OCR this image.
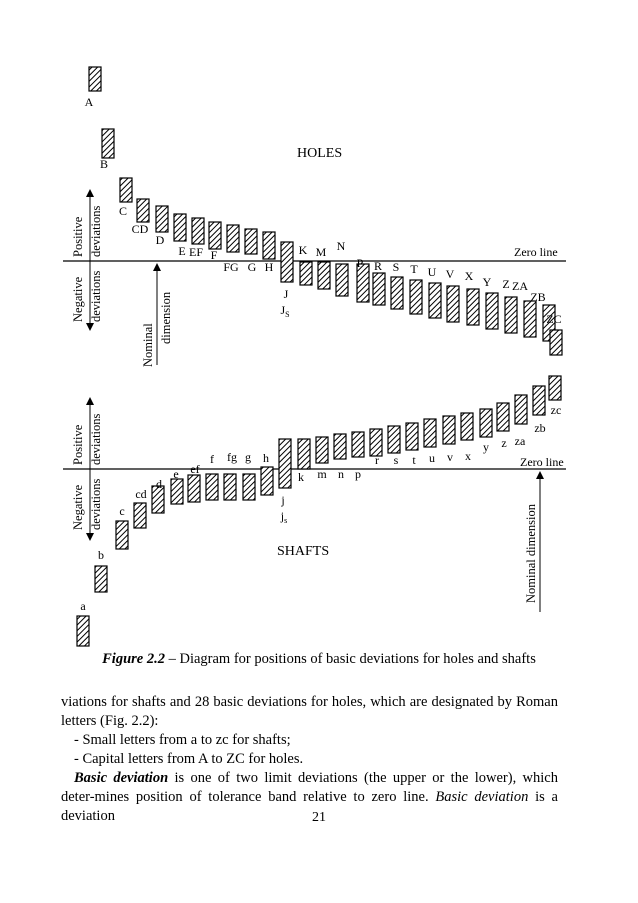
HOLES
Zero line
Positive deviations
Negative deviations
Nominal
dimension
A
B
C
CD
D
E EF F
FG G H
J
K M N
P R S T U V X Y Z ZA
ZB
ZC
$J_S$
SHAFTS
Zero line
Positive deviations
Negative deviations	Nominal dimension
a
b
c
cd
d
e ef
f fg g h
j
k m n p
r s t u v x
y z za
zb
zc
$j_s$
Figure 2.2 – Diagram for positions of basic deviations for holes and shafts

viations for shafts and 28 basic deviations for holes, which are designated by Roman letters (Fig. 2.2):

- Small letters from a to zc for shafts;

- Capital letters from A to ZC for holes.

Basic deviation is one of two limit deviations (the upper or the lower), which deter-mines position of tolerance band relative to zero line. Basic deviation is a deviation	21
